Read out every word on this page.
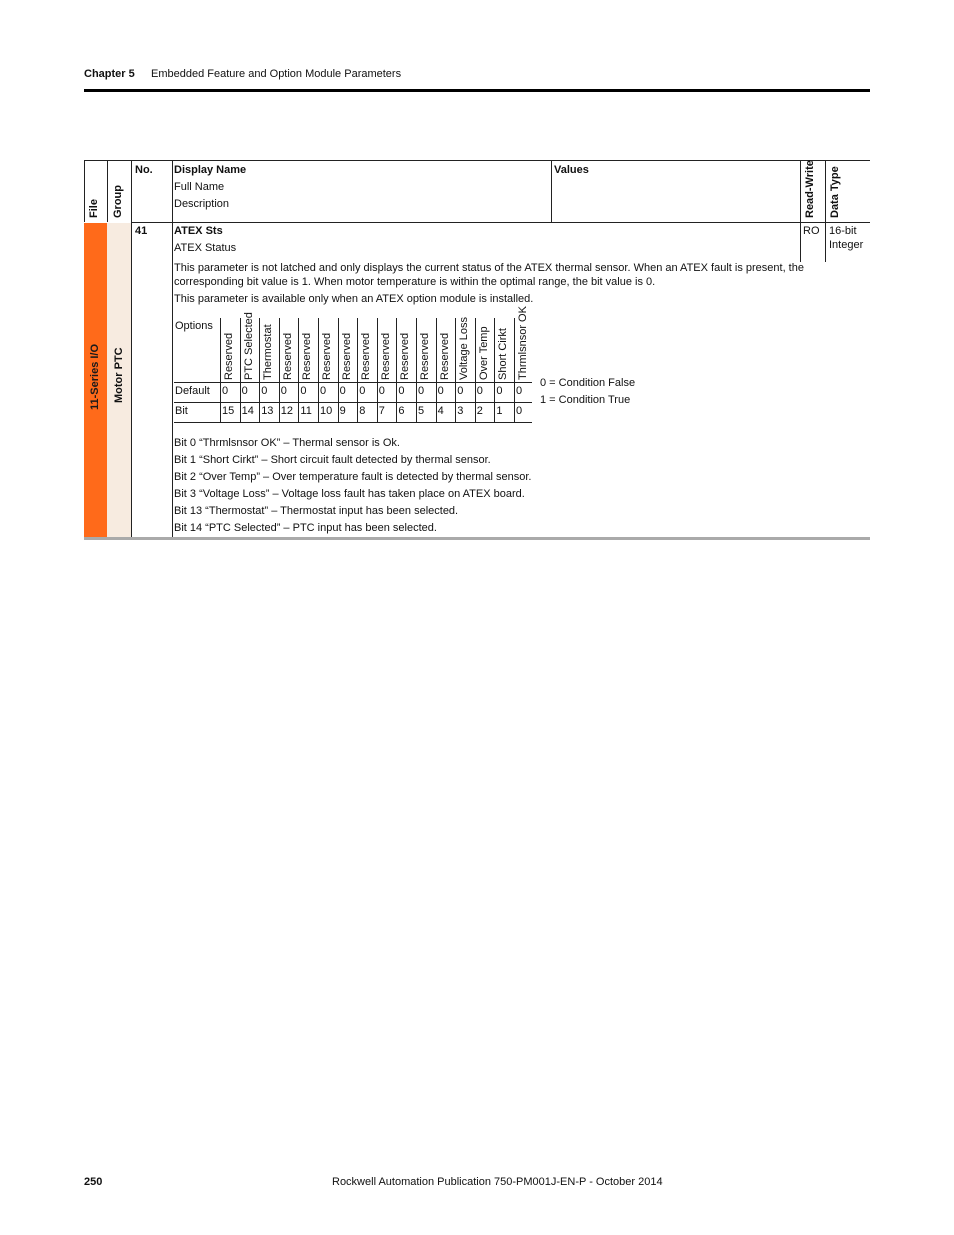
Chapter 5 Embedded Feature and Option Module Parameters
File Group
No. Display Name
Full Name
Description
Values	Read-Write Data Type
11-Series I/O Motor PTC
41 ATEX Sts
ATEX Status
RO 16-bit
Integer
This parameter is not latched and only displays the current status of the ATEX thermal sensor. When an ATEX fault is present, the corresponding bit value is 1. When motor temperature is within the optimal range, the bit value is 0.
This parameter is available only when an ATEX option module is installed.
Options
Default
Bit
Reserved
0
15
PTC Selected
0
14
Thermostat
0
13
Reserved
0
12
Reserved
0
11
Reserved
0
10
Reserved
0
9
Reserved
0
8
Reserved
0
7
Reserved
0
6
Reserved
0
5
Reserved
0
4
Voltage Loss
0
3
Over Temp
0
2
Short Cirkt
0
1
Thrmlsnsor OK
0
0
0 = Condition False
1 = Condition True
Bit 0 “Thrmlsnsor OK” – Thermal sensor is Ok.
Bit 1 “Short Cirkt” – Short circuit fault detected by thermal sensor.
Bit 2 “Over Temp” – Over temperature fault is detected by thermal sensor.
Bit 3 “Voltage Loss” – Voltage loss fault has taken place on ATEX board.
Bit 13 “Thermostat” – Thermostat input has been selected.
Bit 14 “PTC Selected” – PTC input has been selected.
250	Rockwell Automation Publication 750-PM001J-EN-P - October 2014
